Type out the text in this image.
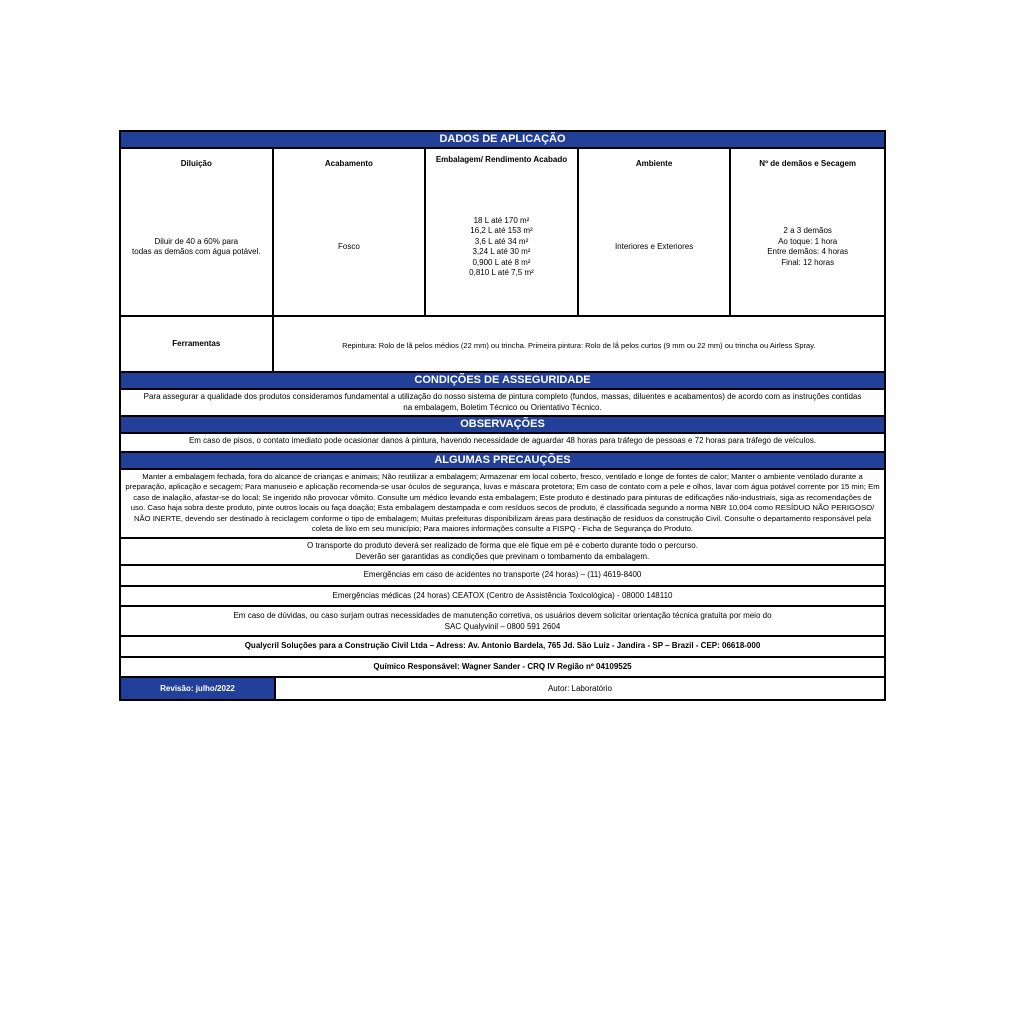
DADOS DE APLICAÇÃO
Diluição
Diluir de 40 a 60% para
todas as demãos com água potável.
Acabamento
Fosco
Embalagem/ Rendimento Acabado
18 L até 170 m²
16,2 L até 153 m²
3,6 L até 34 m²
3,24 L até 30 m²
0,900 L até 8 m²
0,810 L até 7,5 m²
Ambiente
Interiores e Exteriores
Nº de demãos e Secagem
2 a 3 demãos
Ao toque: 1 hora
Entre demãos: 4 horas
Final: 12 horas
Ferramentas	Repintura: Rolo de lã pelos médios (22 mm) ou trincha. Primeira pintura: Rolo de lã pelos curtos (9 mm ou 22 mm) ou trincha ou Airless Spray.
CONDIÇÕES DE ASSEGURIDADE
Para assegurar a qualidade dos produtos consideramos fundamental a utilização do nosso sistema de pintura completo (fundos, massas, diluentes e acabamentos) de acordo com as instruções contidas na embalagem, Boletim Técnico ou Orientativo Técnico.
OBSERVAÇÕES
Em caso de pisos, o contato imediato pode ocasionar danos à pintura, havendo necessidade de aguardar 48 horas para tráfego de pessoas e 72 horas para tráfego de veículos.
ALGUMAS PRECAUÇÕES
Manter a embalagem fechada, fora do alcance de crianças e animais; Não reutilizar a embalagem; Armazenar em local coberto, fresco, ventilado e longe de fontes de calor; Manter o ambiente ventilado durante a preparação, aplicação e secagem; Para manuseio e aplicação recomenda-se usar óculos de segurança, luvas e máscara protetora; Em caso de contato com a pele e olhos, lavar com água potável corrente por 15 min; Em caso de inalação, afastar-se do local; Se ingerido não provocar vômito. Consulte um médico levando esta embalagem; Este produto é destinado para pinturas de edificações não-industriais, siga as recomendações de uso. Caso haja sobra deste produto, pinte outros locais ou faça doação; Esta embalagem destampada e com resíduos secos de produto, é classificada segundo a norma NBR 10.004 como RESÍDUO NÃO PERIGOSO/ NÃO INERTE, devendo ser destinado à reciclagem conforme o tipo de embalagem; Muitas prefeituras disponibilizam áreas para destinação de resíduos da construção Civil. Consulte o departamento responsável pela coleta de lixo em seu município; Para maiores informações consulte a FISPQ - Ficha de Segurança do Produto.
O transporte do produto deverá ser realizado de forma que ele fique em pé e coberto durante todo o percurso.
Deverão ser garantidas as condições que previnam o tombamento da embalagem.
Emergências em caso de acidentes no transporte (24 horas) – (11) 4619-8400
Emergências médicas (24 horas) CEATOX (Centro de Assistência Toxicológica) - 08000 148110
Em caso de dúvidas, ou caso surjam outras necessidades de manutenção corretiva, os usuários devem solicitar orientação técnica gratuita por meio do
SAC Qualyvinil – 0800 591 2604
Qualycril Soluções para a Construção Civil Ltda – Adress: Av. Antonio Bardela, 765 Jd. São Luiz - Jandira - SP – Brazil - CEP: 06618-000
Químico Responsável: Wagner Sander - CRQ IV Região nº 04109525
Revisão: julho/2022	Autor: Laboratório
